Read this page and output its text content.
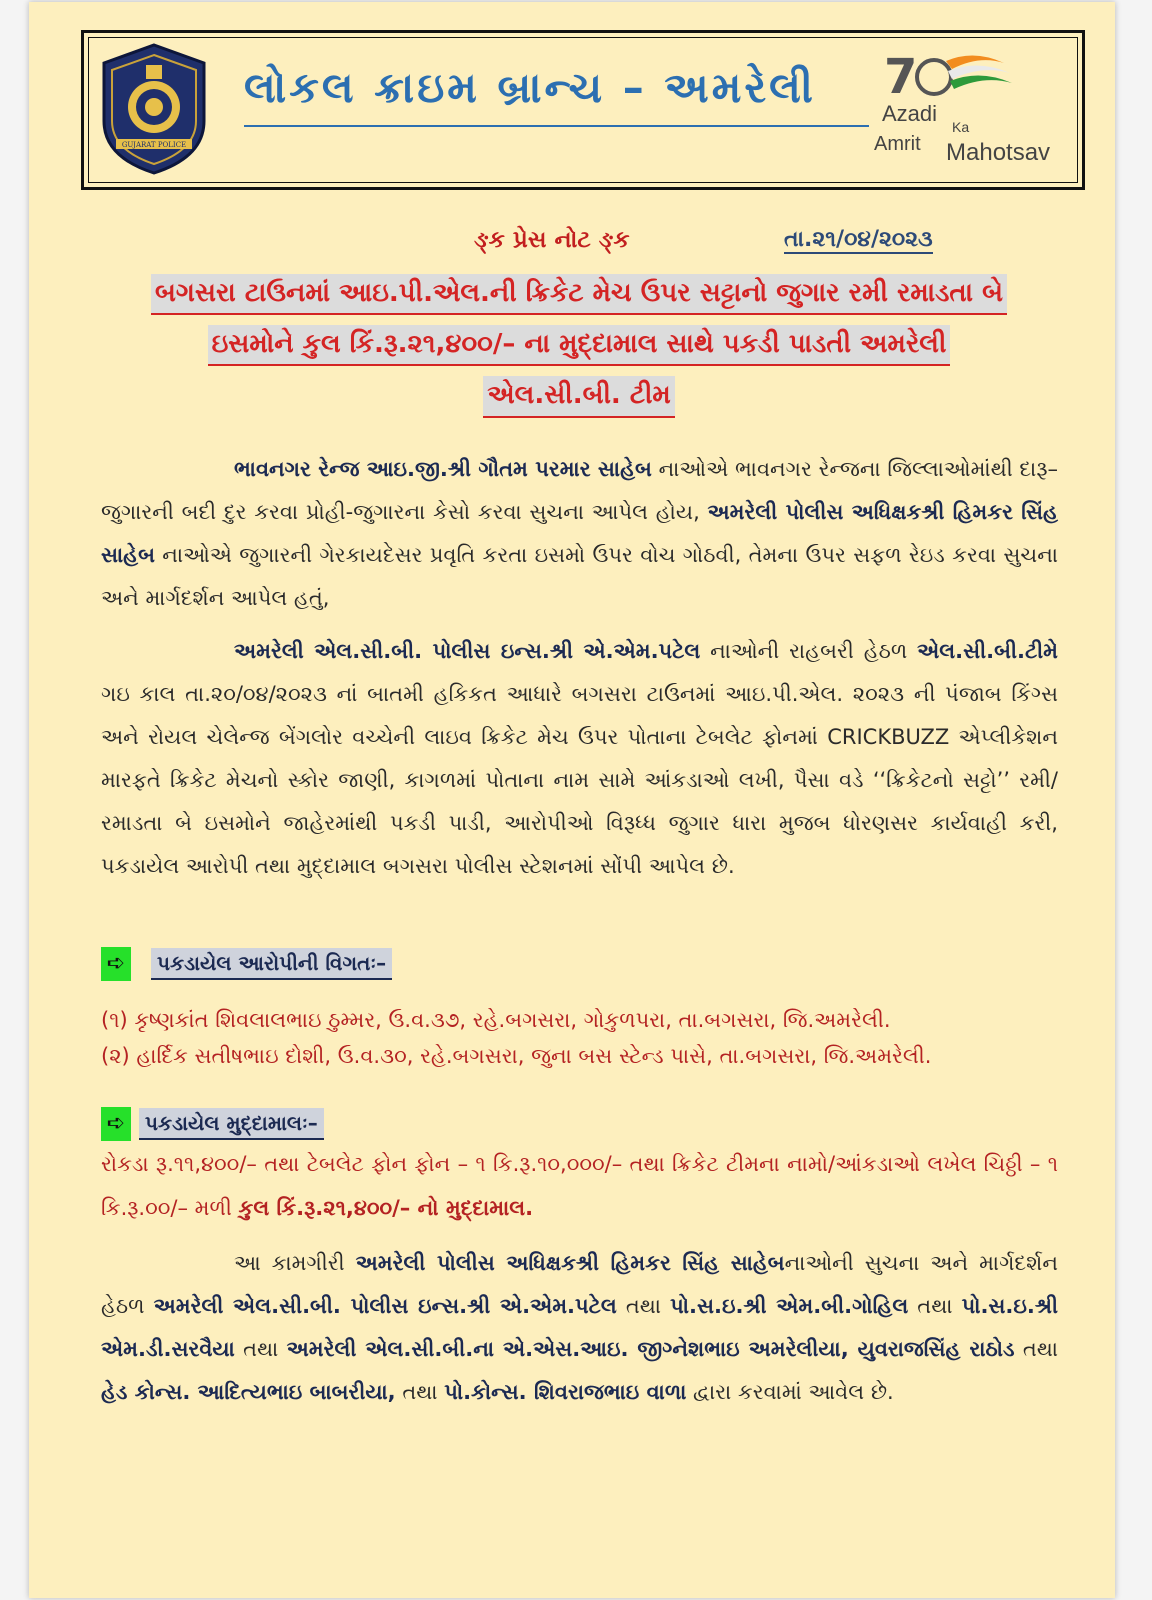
GUJARAT POLICE
લોકલ ક્રાઇમ બ્રાન્ચ – અમરેલી 7
Azadi
Ka
Amrit Mahotsav
ઙ્ક પ્રેસ નોટ ઙ્ક	તા.૨૧/૦૪/૨૦૨૩
બગસરા ટાઉનમાં આઇ.પી.એલ.ની ક્રિકેટ મેચ ઉપર સટ્ટાનો જુગાર રમી રમાડતા બે
ઇસમોને કુલ કિં.રૂ.૨૧,૪૦૦/– ના મુદ્દામાલ સાથે પકડી પાડતી અમરેલી
એલ.સી.બી. ટીમ
ભાવનગર રેન્જ આઇ.જી.શ્રી ગૌતમ પરમાર સાહેબ નાઓએ ભાવનગર રેન્જના જિલ્લાઓમાંથી દારૂ–જુગારની બદી દુર કરવા પ્રોહી-જુગારના કેસો કરવા સુચના આપેલ હોય, અમરેલી પોલીસ અધિક્ષકશ્રી હિમકર સિંહ સાહેબ નાઓએ જુગારની ગેરકાયદેસર પ્રવૃતિ કરતા ઇસમો ઉપર વોચ ગોઠવી, તેમના ઉપર સફળ રેઇડ કરવા સુચના અને માર્ગદર્શન આપેલ હતું,
અમરેલી એલ.સી.બી. પોલીસ ઇન્સ.શ્રી એ.એમ.પટેલ નાઓની રાહબરી હેઠળ એલ.સી.બી.ટીમે ગઇ કાલ તા.૨૦/૦૪/૨૦૨૩ નાં બાતમી હકિકત આધારે બગસરા ટાઉનમાં આઇ.પી.એલ. ૨૦૨૩ ની પંજાબ કિંગ્સ અને રોયલ ચેલેન્જ બેંગલોર વચ્ચેની લાઇવ ક્રિકેટ મેચ ઉપર પોતાના ટેબલેટ ફોનમાં CRICKBUZZ એપ્લીકેશન મારફતે ક્રિકેટ મેચનો સ્કોર જાણી, કાગળમાં પોતાના નામ સામે આંકડાઓ લખી, પૈસા વડે ‘‘ક્રિકેટનો સટ્ટો’’ રમી/રમાડતા બે ઇસમોને જાહેરમાંથી પકડી પાડી, આરોપીઓ વિરૂધ્ધ જુગાર ધારા મુજબ ધોરણસર કાર્યવાહી કરી, પકડાયેલ આરોપી તથા મુદ્દામાલ બગસરા પોલીસ સ્ટેશનમાં સોંપી આપેલ છે.
➪ પકડાયેલ આરોપીની વિગતઃ–
(૧) કૃષ્ણકાંત શિવલાલભાઇ ઠુમ્મર, ઉ.વ.૩૭, રહે.બગસરા, ગોકુળપરા, તા.બગસરા, જિ.અમરેલી.
(૨) હાર્દિક સતીષભાઇ દોશી, ઉ.વ.૩૦, રહે.બગસરા, જુના બસ સ્ટેન્ડ પાસે, તા.બગસરા, જિ.અમરેલી.
➪ પકડાયેલ મુદ્દામાલઃ–
રોકડા રૂ.૧૧,૪૦૦/– તથા ટેબલેટ ફોન ફોન – ૧ કિ.રૂ.૧૦,૦૦૦/– તથા ક્રિકેટ ટીમના નામો/આંકડાઓ લખેલ ચિઠ્ઠી – ૧ કિ.રૂ.૦૦/– મળી કુલ કિં.રૂ.૨૧,૪૦૦/– નો મુદ્દામાલ.
આ કામગીરી અમરેલી પોલીસ અધિક્ષકશ્રી હિમકર સિંહ સાહેબનાઓની સુચના અને માર્ગદર્શન હેઠળ અમરેલી એલ.સી.બી. પોલીસ ઇન્સ.શ્રી એ.એમ.પટેલ તથા પો.સ.ઇ.શ્રી એમ.બી.ગોહિલ તથા પો.સ.ઇ.શ્રી એમ.ડી.સરવૈયા તથા અમરેલી એલ.સી.બી.ના એ.એસ.આઇ. જીગ્નેશભાઇ અમરેલીયા, યુવરાજસિંહ રાઠોડ તથા હેડ કોન્સ. આદિત્યભાઇ બાબરીયા, તથા પો.કોન્સ. શિવરાજભાઇ વાળા દ્વારા કરવામાં આવેલ છે.
